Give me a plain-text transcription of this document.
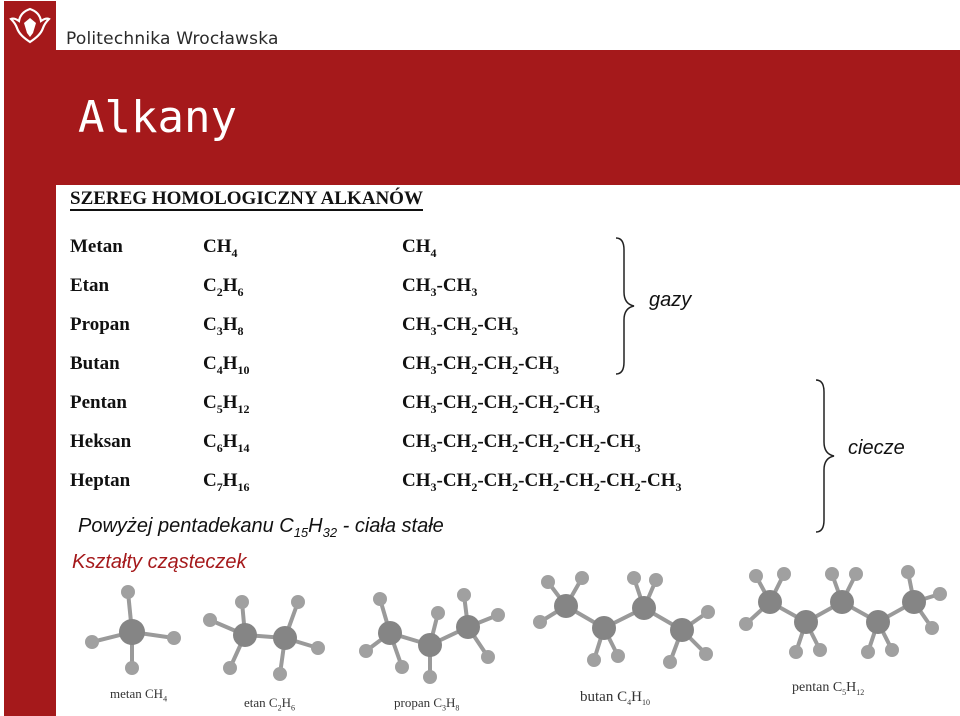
Politechnika Wrocławska
Alkany
SZEREG HOMOLOGICZNY ALKANÓW
Metan	$CH_4$	$CH_4$
Etan	$C_2H_6$	$CH_3-CH_3$
Propan	$C_3H_8$	$CH_3-CH_2-CH_3$
Butan	$C_4H_{10}$	$CH_3-CH_2-CH_2-CH_3$
Pentan	$C_5H_{12}$	$CH_3-CH_2-CH_2-CH_2-CH_3$
Heksan	$C_6H_{14}$	$CH_3-CH_2-CH_2-CH_2-CH_2-CH_3$
Heptan	$C_7H_{16}$	$CH_3-CH_2-CH_2-CH_2-CH_2-CH_2-CH_3$
gazy
ciecze
Powyżej pentadekanu $C_{15}H_{32}$ - ciała stałe
Kształty cząsteczek
metan $CH_4$	etan $C_2H_6$	propan $C_3H_8$
butan $C_4H_{10}$
pentan $C_5H_{12}$
